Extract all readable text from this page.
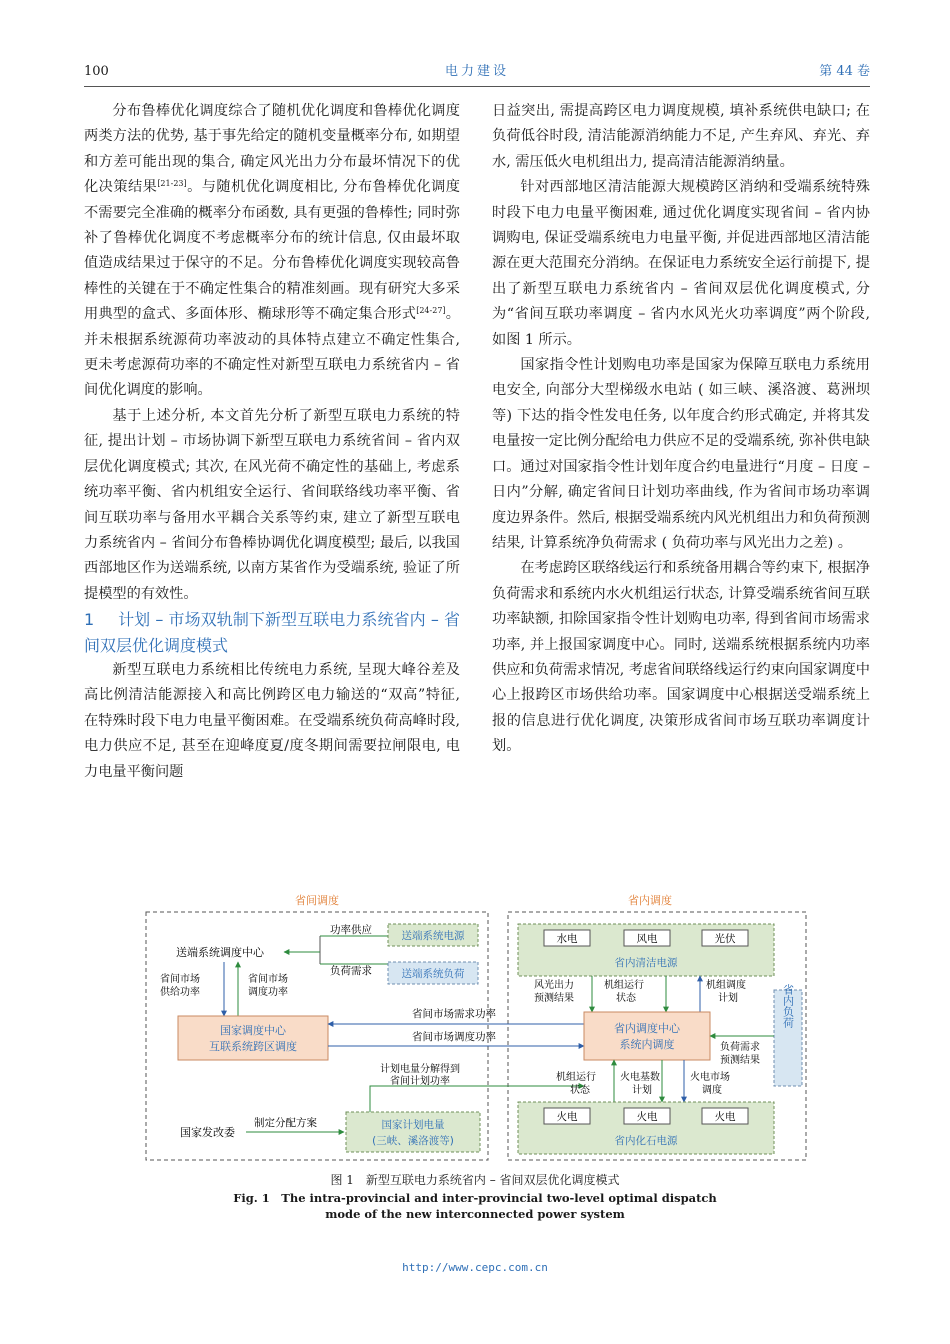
100	电力建设	第 44 卷

分布鲁棒优化调度综合了随机优化调度和鲁棒优化调度两类方法的优势, 基于事先给定的随机变量概率分布, 如期望和方差可能出现的集合, 确定风光出力分布最坏情况下的优化决策结果[21-23]。与随机优化调度相比, 分布鲁棒优化调度不需要完全准确的概率分布函数, 具有更强的鲁棒性; 同时弥补了鲁棒优化调度不考虑概率分布的统计信息, 仅由最坏取值造成结果过于保守的不足。分布鲁棒优化调度实现较高鲁棒性的关键在于不确定性集合的精准刻画。现有研究大多采用典型的盒式、多面体形、椭球形等不确定集合形式[24-27]。并未根据系统源荷功率波动的具体特点建立不确定性集合, 更未考虑源荷功率的不确定性对新型互联电力系统省内 – 省间优化调度的影响。

基于上述分析, 本文首先分析了新型互联电力系统的特征, 提出计划 – 市场协调下新型互联电力系统省间 – 省内双层优化调度模式; 其次, 在风光荷不确定性的基础上, 考虑系统功率平衡、省内机组安全运行、省间联络线功率平衡、省间互联功率与备用水平耦合关系等约束, 建立了新型互联电力系统省内 – 省间分布鲁棒协调优化调度模型; 最后, 以我国西部地区作为送端系统, 以南方某省作为受端系统, 验证了所提模型的有效性。

1 计划 – 市场双轨制下新型互联电力系统省内 – 省间双层优化调度模式

新型互联电力系统相比传统电力系统, 呈现大峰谷差及高比例清洁能源接入和高比例跨区电力输送的“双高”特征, 在特殊时段下电力电量平衡困难。在受端系统负荷高峰时段, 电力供应不足, 甚至在迎峰度夏/度冬期间需要拉闸限电, 电力电量平衡问题

日益突出, 需提高跨区电力调度规模, 填补系统供电缺口; 在负荷低谷时段, 清洁能源消纳能力不足, 产生弃风、弃光、弃水, 需压低火电机组出力, 提高清洁能源消纳量。

针对西部地区清洁能源大规模跨区消纳和受端系统特殊时段下电力电量平衡困难, 通过优化调度实现省间 – 省内协调购电, 保证受端系统电力电量平衡, 并促进西部地区清洁能源在更大范围充分消纳。在保证电力系统安全运行前提下, 提出了新型互联电力系统省内 – 省间双层优化调度模式, 分为“省间互联功率调度 – 省内水风光火功率调度”两个阶段, 如图 1 所示。

国家指令性计划购电功率是国家为保障互联电力系统用电安全, 向部分大型梯级水电站 ( 如三峡、溪洛渡、葛洲坝等) 下达的指令性发电任务, 以年度合约形式确定, 并将其发电量按一定比例分配给电力供应不足的受端系统, 弥补供电缺口。通过对国家指令性计划年度合约电量进行“月度 – 日度 – 日内”分解, 确定省间日计划功率曲线, 作为省间市场功率调度边界条件。然后, 根据受端系统内风光机组出力和负荷预测结果, 计算系统净负荷需求 ( 负荷功率与风光出力之差) 。

在考虑跨区联络线运行和系统备用耦合等约束下, 根据净负荷需求和系统内水火机组运行状态, 计算受端系统省间互联功率缺额, 扣除国家指令性计划购电功率, 得到省间市场需求功率, 并上报国家调度中心。同时, 送端系统根据系统内功率供应和负荷需求情况, 考虑省间联络线运行约束向国家调度中心上报跨区市场供给功率。国家调度中心根据送受端系统上报的信息进行优化调度, 决策形成省间市场互联功率调度计划。

省间调度	省内调度
送端系统调度中心
功率供应
负荷需求
送端系统电源
送端系统负荷
省间市场
供给功率
省间市场
调度功率
国家调度中心
互联系统跨区调度
省间市场需求功率
省间市场调度功率
计划电量分解得到
省间计划功率
国家发改委
制定分配方案	国家计划电量
(三峡、溪洛渡等)
水电	风电	光伏
省内清洁电源
风光出力
预测结果
机组运行
状态
机组调度
计划
省内调度中心
系统内调度
省内负荷
负荷需求
预测结果
机组运行
状态
火电基数
计划
火电市场
调度
火电	火电	火电
省内化石电源
图 1　新型互联电力系统省内 – 省间双层优化调度模式
Fig. 1　The intra-provincial and inter-provincial two-level optimal dispatch
mode of the new interconnected power system
http://www.cepc.com.cn
